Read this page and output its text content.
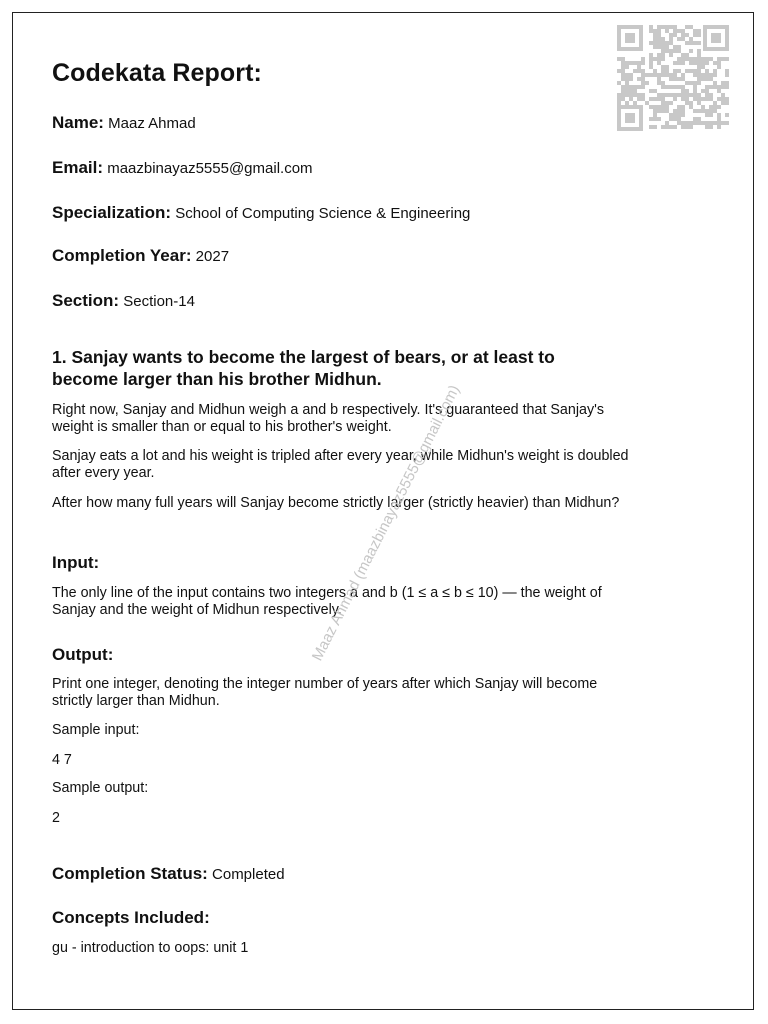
Codekata Report:
Name: Maaz Ahmad
Email: maazbinayaz5555@gmail.com
Specialization: School of Computing Science & Engineering
Completion Year: 2027
Section: Section-14
1. Sanjay wants to become the largest of bears, or at least to become larger than his brother Midhun.

Right now, Sanjay and Midhun weigh a and b respectively. It's guaranteed that Sanjay's weight is smaller than or equal to his brother's weight.

Sanjay eats a lot and his weight is tripled after every year, while Midhun's weight is doubled after every year.

After how many full years will Sanjay become strictly larger (strictly heavier) than Midhun?

Input:

The only line of the input contains two integers a and b (1 ≤ a ≤ b ≤ 10) — the weight of Sanjay and the weight of Midhun respectively.

Output:

Print one integer, denoting the integer number of years after which Sanjay will become strictly larger than Midhun.

Sample input:

4 7

Sample output:

2

Completion Status: Completed
Concepts Included:

gu - introduction to oops: unit 1

Maaz Ahmad (maazbinayaz5555@gmail.com)
